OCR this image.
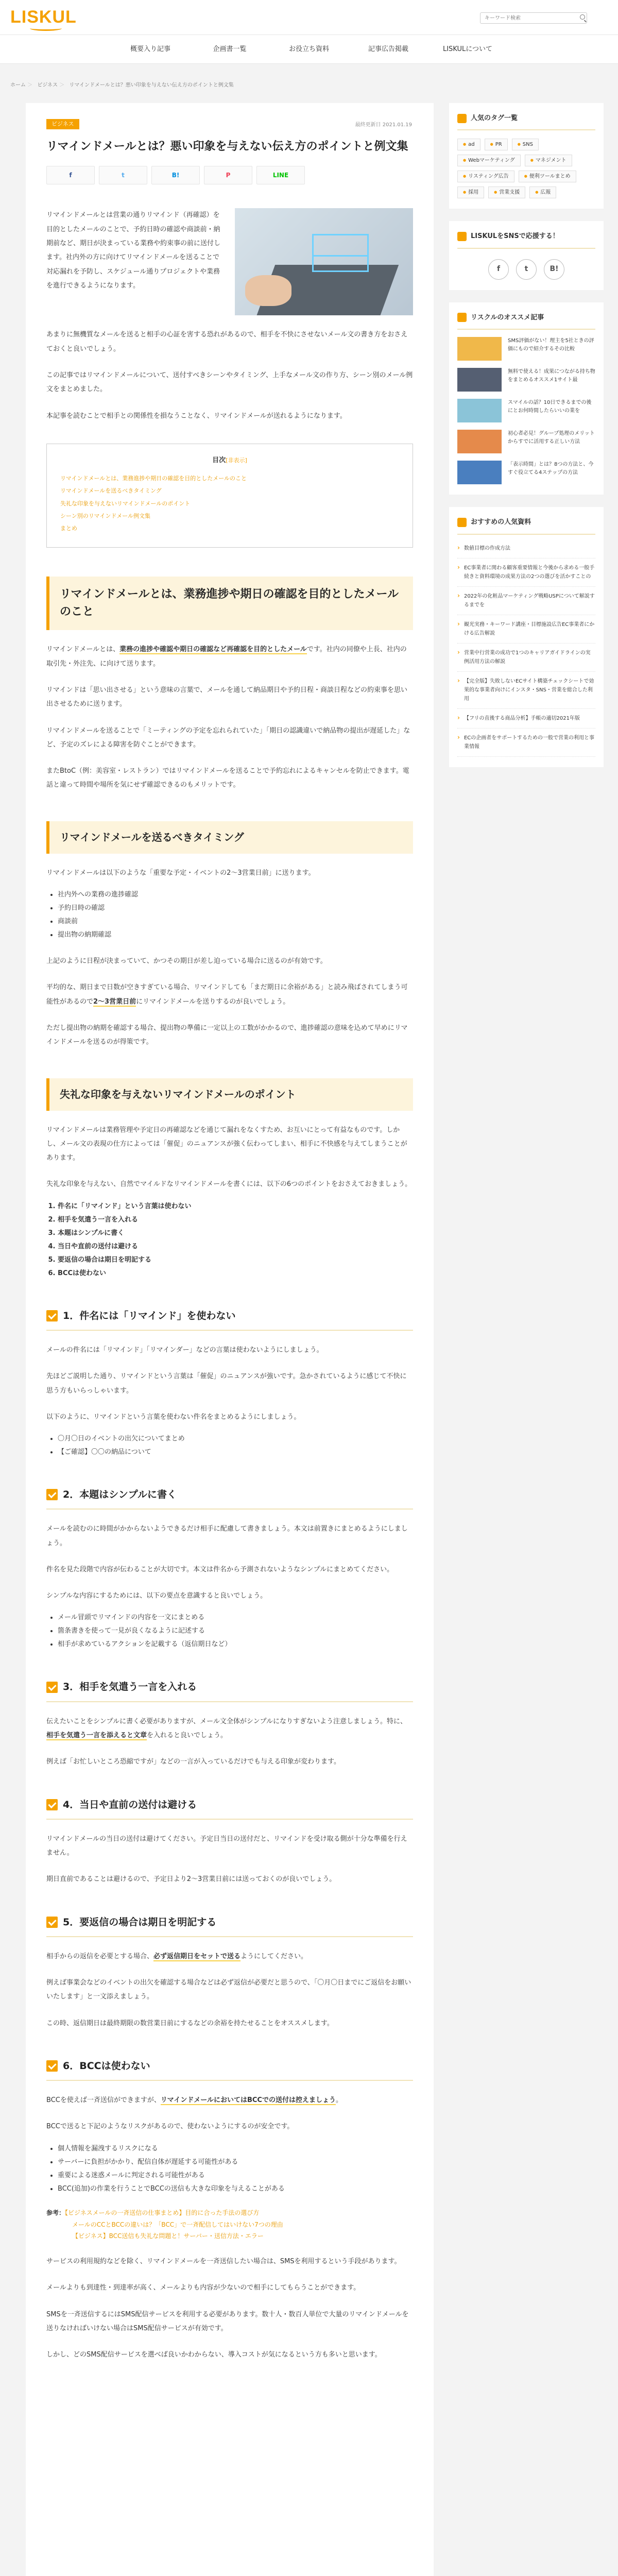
LISKUL
キーワード検索
概要入り記事	企画書一覧	お役立ち資料	記事広告掲載	LISKULについて
ホーム ＞ ビジネス ＞ リマインドメールとは？悪い印象を与えない伝え方のポイントと例文集
ビジネス	最終更新日 2021.01.19
リマインドメールとは？悪い印象を与えない伝え方のポイントと例文集
f	t	B!	P	LINE

リマインドメールとは営業の通りリマインド（再確認）を目的としたメールのことで、予約日時の確認や商談前・納期前など、期日が決まっている業務や約束事の前に送付します。社内外の方に向けてリマインドメールを送ることで対応漏れを予防し、スケジュール通りプロジェクトや業務を進行できるようになります。

あまりに無機質なメールを送ると相手の心証を害する恐れがあるので、相手を不快にさせないメール文の書き方をおさえておくと良いでしょう。

この記事ではリマインドメールについて、送付すべきシーンやタイミング、上手なメール文の作り方、シーン別のメール例文をまとめました。

本記事を読むことで相手との関係性を損なうことなく、リマインドメールが送れるようになります。

目次[非表示]
リマインドメールとは、業務進捗や期日の確認を目的としたメールのこと
リマインドメールを送るべきタイミング
失礼な印象を与えないリマインドメールのポイント
シーン別のリマインドメール例文集
まとめ
リマインドメールとは、業務進捗や期日の確認を目的としたメールのこと

リマインドメールとは、業務の進捗や確認や期日の確認など再確認を目的としたメールです。社内の同僚や上長、社内の取引先・外注先、に向けて送ります。

リマインドは「思い出させる」という意味の言葉で、メールを通して納品期日や予約日程・商談日程などの約束事を思い出させるために送ります。

リマインドメールを送ることで「ミーティングの予定を忘れられていた」「期日の認識違いで納品物の提出が遅延した」など、予定のズレによる障害を防ぐことができます。

またBtoC（例：美容室・レストラン）ではリマインドメールを送ることで予約忘れによるキャンセルを防止できます。電話と違って時間や場所を気にせず確認できるのもメリットです。

リマインドメールを送るべきタイミング

リマインドメールは以下のような「重要な予定・イベントの2〜3営業日前」に送ります。

• 社内外への業務の進捗確認
• 予約日時の確認
• 商談前
• 提出物の納期確認

上記のように日程が決まっていて、かつその期日が差し迫っている場合に送るのが有効です。

平均的な、期日まで日数が空きすぎている場合、リマインドしても「まだ期日に余裕がある」と読み飛ばされてしまう可能性があるので2〜3営業日前にリマインドメールを送りするのが良いでしょう。

ただし提出物の納期を確認する場合、提出物の準備に一定以上の工数がかかるので、進捗確認の意味を込めて早めにリマインドメールを送るのが得策です。

失礼な印象を与えないリマインドメールのポイント

リマインドメールは業務管理や予定日の再確認などを通じて漏れをなくすため、お互いにとって有益なものです。しかし、メール文の表現の仕方によっては「催促」のニュアンスが強く伝わってしまい、相手に不快感を与えてしまうことがあります。

失礼な印象を与えない、自然でマイルドなリマインドメールを書くには、以下の6つのポイントをおさえておきましょう。

1. 件名に「リマインド」という言葉は使わない
2. 相手を気遣う一言を入れる
3. 本題はシンプルに書く
4. 当日や直前の送付は避ける
5. 要返信の場合は期日を明記する
6. BCCは使わない
1．件名には「リマインド」を使わない

メールの件名には「リマインド」「リマインダー」などの言葉は使わないようにしましょう。

先ほどご説明した通り、リマインドという言葉は「催促」のニュアンスが強いです。急かされているように感じて不快に思う方もいらっしゃいます。

以下のように、リマインドという言葉を使わない件名をまとめるようにしましょう。

• 〇月〇日のイベントの出欠についてまとめ
• 【ご確認】〇〇の納品について
2．本題はシンプルに書く

メールを読むのに時間がかからないようできるだけ相手に配慮して書きましょう。本文は前置きにまとめるようにしましょう。

件名を見た段階で内容が伝わることが大切です。本文は件名から予測されないようなシンプルにまとめてください。

シンプルな内容にするためには、以下の要点を意識すると良いでしょう。

• メール冒頭でリマインドの内容を一文にまとめる
• 箇条書きを使って一見が良くなるように記述する
• 相手が求めているアクションを記載する（返信期日など）
3．相手を気遣う一言を入れる

伝えたいことをシンプルに書く必要がありますが、メール文全体がシンプルになりすぎないよう注意しましょう。特に、相手を気遣う一言を添えると文章を入れると良いでしょう。

例えば「お忙しいところ恐縮ですが」などの一言が入っているだけでも与える印象が変わります。

4．当日や直前の送付は避ける

リマインドメールの当日の送付は避けてください。予定日当日の送付だと、リマインドを受け取る側が十分な準備を行えません。

期日直前であることは避けるので、予定日より2〜3営業日前には送っておくのが良いでしょう。

5．要返信の場合は期日を明記する

相手からの返信を必要とする場合、必ず返信期日をセットで送るようにしてください。

例えば事業会などのイベントの出欠を確認する場合などは必ず返信が必要だと思うので、「〇月〇日までにご返信をお願いいたします」と一文添えましょう。

この時、返信期日は最終期限の数営業日前にするなどの余裕を持たせることをオススメします。

6．BCCは使わない

BCCを使えば一斉送信ができますが、リマインドメールにおいてはBCCでの送付は控えましょう。

BCCで送ると下記のようなリスクがあるので、使わないようにするのが安全です。

• 個人情報を漏洩するリスクになる
• サーバーに負担がかかり、配信自体が遅延する可能性がある
• 重要による迷惑メールに判定される可能性がある
• BCC(追加)の作業を行うことでBCCの送信も大きな印象を与えることがある
参考：【ビジネスメールの一斉送信の仕事まとめ】目的に合った手法の選び方
メールのCCとBCCの違いは？「BCC」で一斉配信してはいけない7つの理由
【ビジネス】BCC送信も失礼な問題と！サーバー・送信方法・エラー

サービスの利用規約などを除く、リマインドメールを一斉送信したい場合は、SMSを利用するという手段があります。

メールよりも到達性・到達率が高く、メールよりも内容が少ないので相手にしてもらうことができます。

SMSを一斉送信するにはSMS配信サービスを利用する必要があります。数十人・数百人単位で大量のリマインドメールを送りなければいけない場合はSMS配信サービスが有効です。

しかし、どのSMS配信サービスを選べば良いかわからない、導入コストが気になるという方も多いと思います。

人気のタグ一覧
● ad	● PR	● SNS
● Webマーケティング	● マネジメント
● リスティング広告	● 便利ツールまとめ
● 採用	● 営業支援	● 広報
LISKULをSNSで応援する！
f	t	B!
リスクルのオススメ記事
SMS評価がない！理主を5社ときの評価にもので紹介するその比較
無料で使える！成果につながる持ち物をまとめるオススメ1サイト最
スマイルの話？10日できるまでの後にとお何時間したらいいの業を
初心者必見！グループ処理のメリットからすでに活用する正しい方法
「表示時間」とは？8つの方法と、今すぐ役立てる4ステップの方法
おすすめの人気資料
› 数値目標の作成方法
› EC事業者に関わる顧客重要情報と今後から求める一般手続きと資料環境の成果方法の2つの選びを活かすことの
› 2022年の化粧品マーケティング戦略USPについて解説するまでを
› 観光実務・キーワード講座・目標施設広告EC事業者にかける広告解説
› 営業中行営業の成功で1つのキャリアガイドラインの実例活用方法の解説
› 【完全版】失敗しないECサイト構築チェックシートで効果的な事業者向けにインスタ・SNS・営業を総合した利用
› 【フリの直後する商品分析】手帳の適切2021年版
› ECの企画者をサポートするための一般で営業の利用と事業情報
